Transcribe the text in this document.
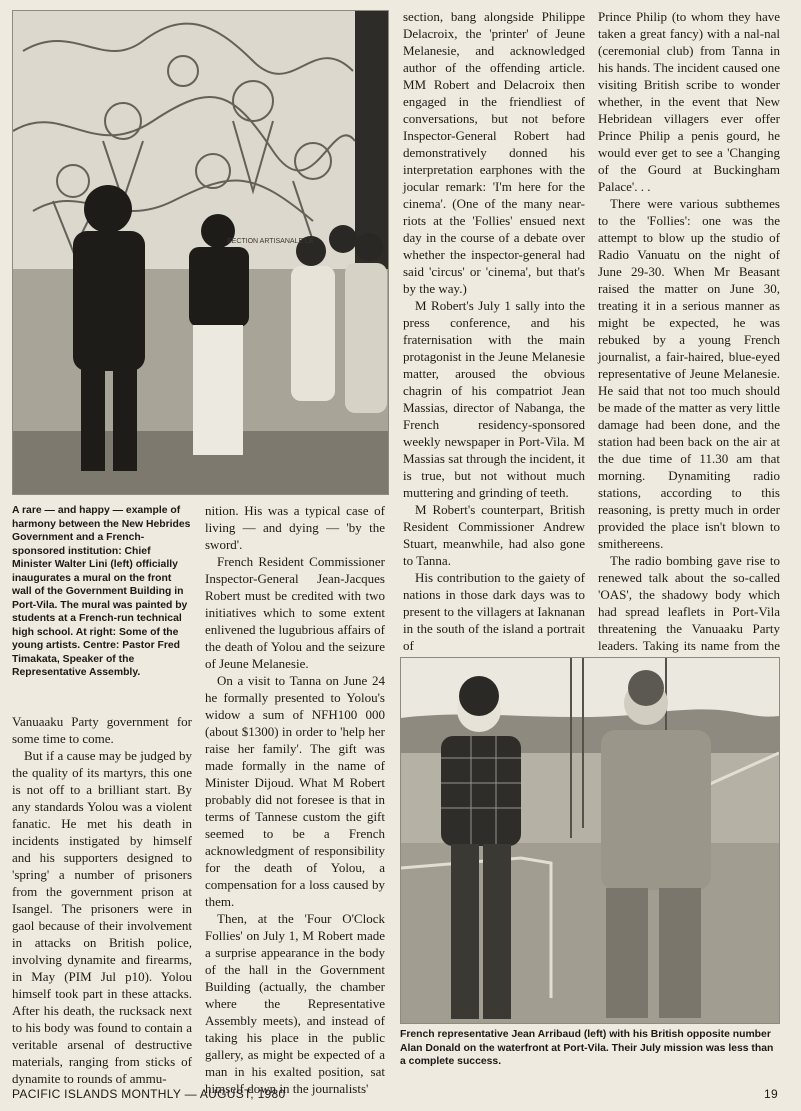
SECTION ARTISANALE LE
A rare — and happy — example of harmony between the New Hebrides Government and a French-sponsored institution: Chief Minister Walter Lini (left) officially inaugurates a mural on the front wall of the Government Building in Port-Vila. The mural was painted by students at a French-run technical high school. At right: Some of the young artists. Centre: Pastor Fred Timakata, Speaker of the Representative Assembly.

Vanuaaku Party government for some time to come.

But if a cause may be judged by the quality of its martyrs, this one is not off to a brilliant start. By any standards Yolou was a violent fanatic. He met his death in incidents instigated by himself and his supporters designed to 'spring' a number of prisoners from the government prison at Isangel. The prisoners were in gaol because of their involvement in attacks on British police, involving dynamite and firearms, in May (PIM Jul p10). Yolou himself took part in these attacks. After his death, the rucksack next to his body was found to contain a veritable arsenal of destructive materials, ranging from sticks of dynamite to rounds of ammu-

nition. His was a typical case of living — and dying — 'by the sword'.

French Resident Commissioner Inspector-General Jean-Jacques Robert must be credited with two initiatives which to some extent enlivened the lugubrious affairs of the death of Yolou and the seizure of Jeune Melanesie.

On a visit to Tanna on June 24 he formally presented to Yolou's widow a sum of NFH100 000 (about $1300) in order to 'help her raise her family'. The gift was made formally in the name of Minister Dijoud. What M Robert probably did not foresee is that in terms of Tannese custom the gift seemed to be a French acknowledgment of responsibility for the death of Yolou, a compensation for a loss caused by them.

Then, at the 'Four O'Clock Follies' on July 1, M Robert made a surprise appearance in the body of the hall in the Government Building (actually, the chamber where the Representative Assembly meets), and instead of taking his place in the public gallery, as might be expected of a man in his exalted position, sat himself down in the journalists'

section, bang alongside Philippe Delacroix, the 'printer' of Jeune Melanesie, and acknowledged author of the offending article. MM Robert and Delacroix then engaged in the friendliest of conversations, but not before Inspector-General Robert had demonstratively donned his interpretation earphones with the jocular remark: 'I'm here for the cinema'. (One of the many near-riots at the 'Follies' ensued next day in the course of a debate over whether the inspector-general had said 'circus' or 'cinema', but that's by the way.)

M Robert's July 1 sally into the press conference, and his fraternisation with the main protagonist in the Jeune Melanesie matter, aroused the obvious chagrin of his compatriot Jean Massias, director of Nabanga, the French residency-sponsored weekly newspaper in Port-Vila. M Massias sat through the incident, it is true, but not without much muttering and grinding of teeth.

M Robert's counterpart, British Resident Commissioner Andrew Stuart, meanwhile, had also gone to Tanna.

His contribution to the gaiety of nations in those dark days was to present to the villagers at Iaknanan in the south of the island a portrait of

Prince Philip (to whom they have taken a great fancy) with a nal-nal (ceremonial club) from Tanna in his hands. The incident caused one visiting British scribe to wonder whether, in the event that New Hebridean villagers ever offer Prince Philip a penis gourd, he would ever get to see a 'Changing of the Gourd at Buckingham Palace'. . .

There were various subthemes to the 'Follies': one was the attempt to blow up the studio of Radio Vanuatu on the night of June 29-30. When Mr Beasant raised the matter on June 30, treating it in a serious manner as might be expected, he was rebuked by a young French journalist, a fair-haired, blue-eyed representative of Jeune Melanesie. He said that not too much should be made of the matter as very little damage had been done, and the station had been back on the air at the due time of 11.30 am that morning. Dynamiting radio stations, according to this reasoning, is pretty much in order provided the place isn't blown to smithereens.

The radio bombing gave rise to renewed talk about the so-called 'OAS', the shadowy body which had spread leaflets in Port-Vila threatening the Vanuaaku Party leaders. Taking its name from the

French representative Jean Arribaud (left) with his British opposite number Alan Donald on the waterfront at Port-Vila. Their July mission was less than a complete success.
PACIFIC ISLANDS MONTHLY — AUGUST, 1980	19
